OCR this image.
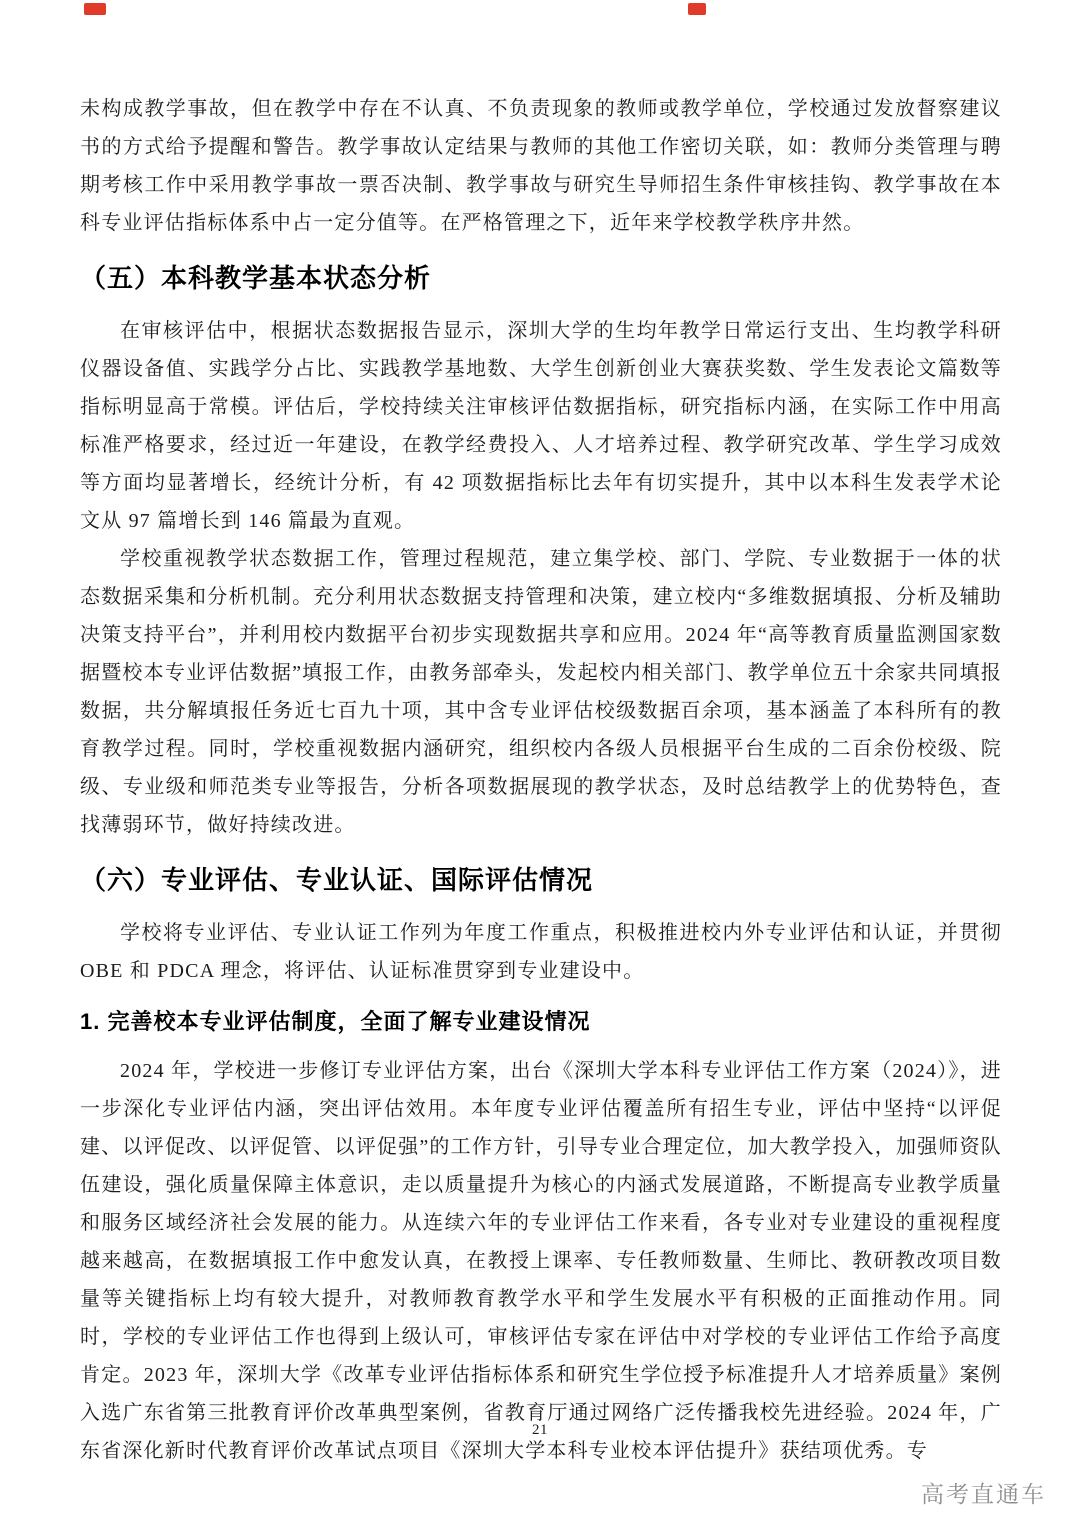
未构成教学事故，但在教学中存在不认真、不负责现象的教师或教学单位，学校通过发放督察建议书的方式给予提醒和警告。教学事故认定结果与教师的其他工作密切关联，如：教师分类管理与聘期考核工作中采用教学事故一票否决制、教学事故与研究生导师招生条件审核挂钩、教学事故在本科专业评估指标体系中占一定分值等。在严格管理之下，近年来学校教学秩序井然。

（五）本科教学基本状态分析

在审核评估中，根据状态数据报告显示，深圳大学的生均年教学日常运行支出、生均教学科研仪器设备值、实践学分占比、实践教学基地数、大学生创新创业大赛获奖数、学生发表论文篇数等指标明显高于常模。评估后，学校持续关注审核评估数据指标，研究指标内涵，在实际工作中用高标准严格要求，经过近一年建设，在教学经费投入、人才培养过程、教学研究改革、学生学习成效等方面均显著增长，经统计分析，有 42 项数据指标比去年有切实提升，其中以本科生发表学术论文从 97 篇增长到 146 篇最为直观。

学校重视教学状态数据工作，管理过程规范，建立集学校、部门、学院、专业数据于一体的状态数据采集和分析机制。充分利用状态数据支持管理和决策，建立校内“多维数据填报、分析及辅助决策支持平台”，并利用校内数据平台初步实现数据共享和应用。2024 年“高等教育质量监测国家数据暨校本专业评估数据”填报工作，由教务部牵头，发起校内相关部门、教学单位五十余家共同填报数据，共分解填报任务近七百九十项，其中含专业评估校级数据百余项，基本涵盖了本科所有的教育教学过程。同时，学校重视数据内涵研究，组织校内各级人员根据平台生成的二百余份校级、院级、专业级和师范类专业等报告，分析各项数据展现的教学状态，及时总结教学上的优势特色，查找薄弱环节，做好持续改进。

（六）专业评估、专业认证、国际评估情况

学校将专业评估、专业认证工作列为年度工作重点，积极推进校内外专业评估和认证，并贯彻 OBE 和 PDCA 理念，将评估、认证标准贯穿到专业建设中。

1. 完善校本专业评估制度，全面了解专业建设情况

2024 年，学校进一步修订专业评估方案，出台《深圳大学本科专业评估工作方案（2024）》，进一步深化专业评估内涵，突出评估效用。本年度专业评估覆盖所有招生专业，评估中坚持“以评促建、以评促改、以评促管、以评促强”的工作方针，引导专业合理定位，加大教学投入，加强师资队伍建设，强化质量保障主体意识，走以质量提升为核心的内涵式发展道路，不断提高专业教学质量和服务区域经济社会发展的能力。从连续六年的专业评估工作来看，各专业对专业建设的重视程度越来越高，在数据填报工作中愈发认真，在教授上课率、专任教师数量、生师比、教研教改项目数量等关键指标上均有较大提升，对教师教育教学水平和学生发展水平有积极的正面推动作用。同时，学校的专业评估工作也得到上级认可，审核评估专家在评估中对学校的专业评估工作给予高度肯定。2023 年，深圳大学《改革专业评估指标体系和研究生学位授予标准提升人才培养质量》案例入选广东省第三批教育评价改革典型案例，省教育厅通过网络广泛传播我校先进经验。2024 年，广东省深化新时代教育评价改革试点项目《深圳大学本科专业校本评估提升》获结项优秀。专

21
高考直通车
